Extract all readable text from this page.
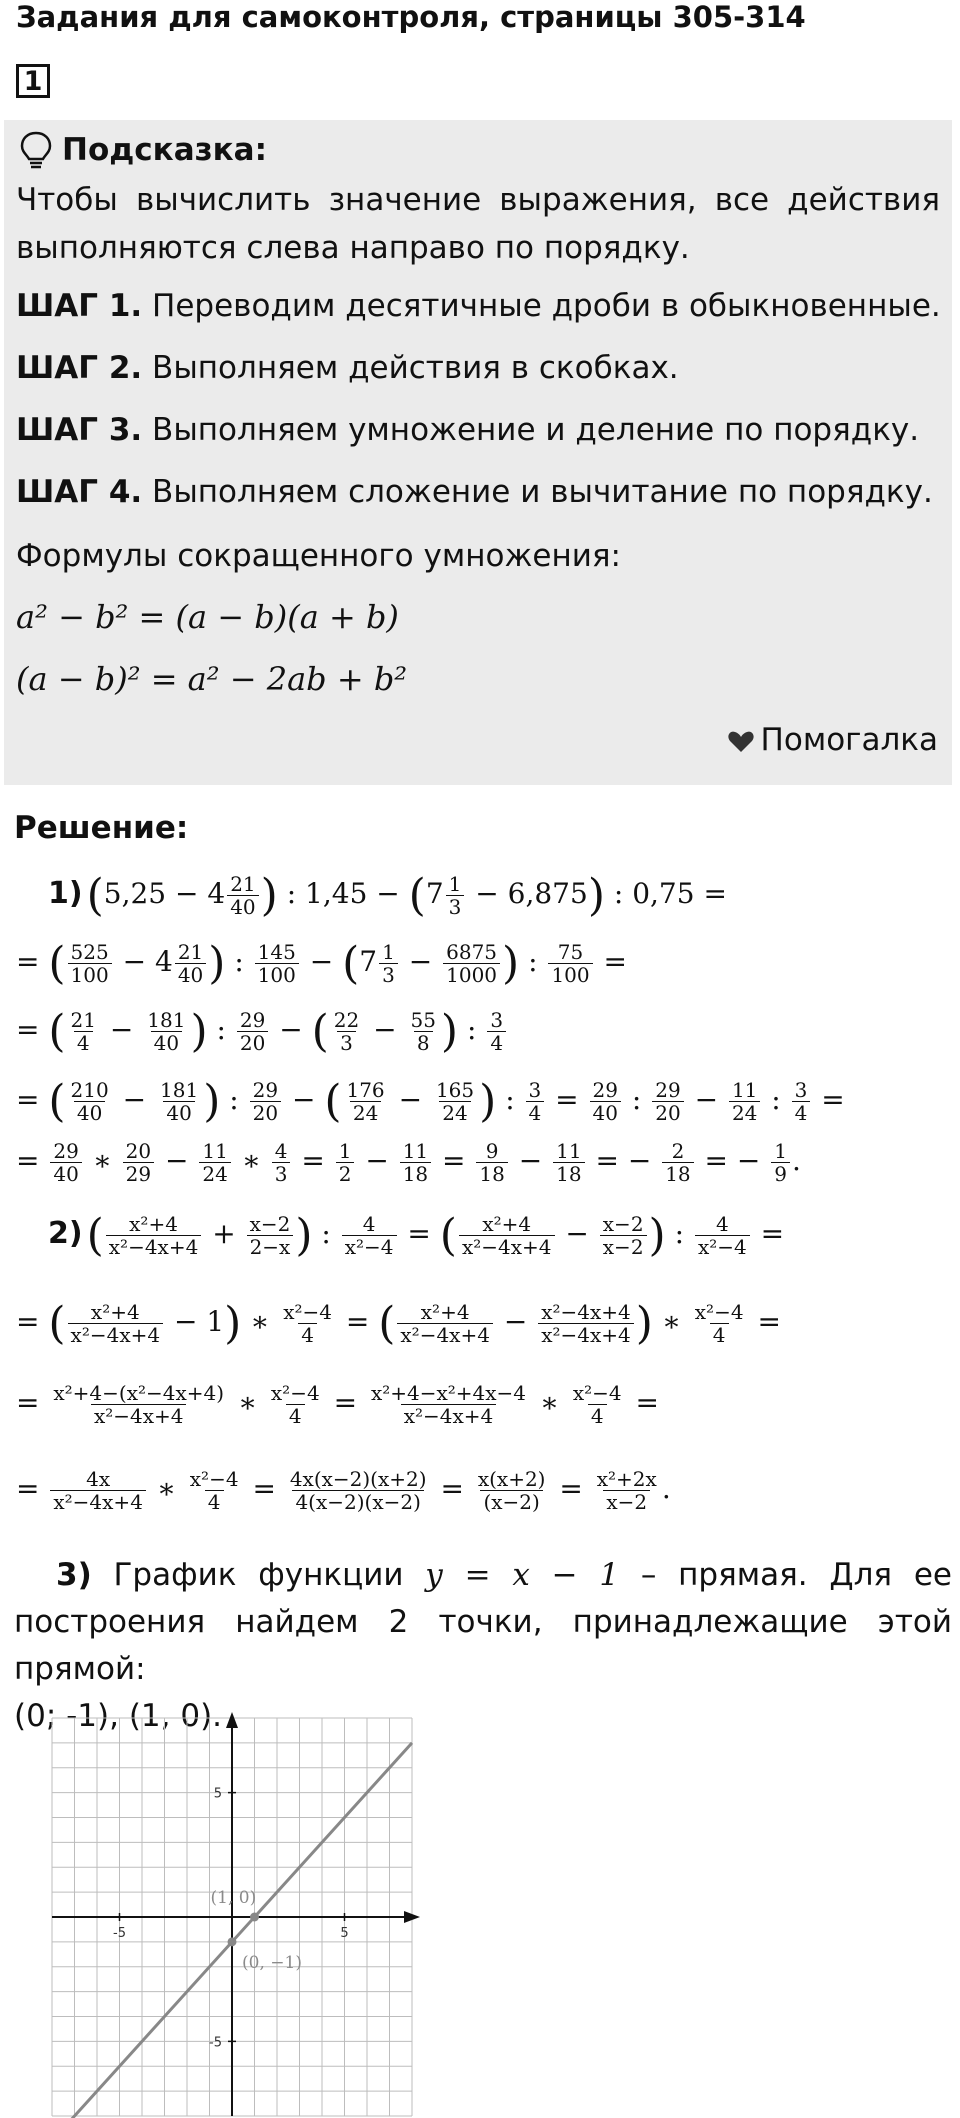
Задания для самоконтроля, страницы 305-314
1
Подсказка:
Чтобы вычислить значение выражения, все действия
выполняются слева направо по порядку.
ШАГ 1. Переводим десятичные дроби в обыкновенные.
ШАГ 2. Выполняем действия в скобках.
ШАГ 3. Выполняем умножение и деление по порядку.
ШАГ 4. Выполняем сложение и вычитание по порядку.
Формулы сокращенного умножения:
a² − b² = (a − b)(a + b)
(a − b)² = a² − 2ab + b²
Помогалка
Решение:
$1)(5,25 - 4 \frac{21}{40}$ ) : $1,45 - (7 \frac{1}{3} - 6,875)$ : 0,75 =
= ( $\frac{525}{100} - 4 \frac{21}{40}$ ) : $\frac{145}{100} - (7 \frac{1}{3} - \frac{6875}{1000}$ ) : $\frac{75}{100}$ =
= ( $\frac{21}{4} - \frac{181}{40}$ ) : $\frac{29}{20}$ − ( $\frac{22}{3} - \frac{55}{8}$ ) : $\frac{3}{4}$
= ( $\frac{210}{40} - \frac{181}{40}$ ) : $\frac{29}{20}$ − ( $\frac{176}{24} - \frac{165}{24}$ ) : $\frac{3}{4} = \frac{29}{40}$ : $\frac{29}{20} - \frac{11}{24}$ : $\frac{3}{4}$ =
= $\frac{29}{40}$ ∗ $\frac{20}{29} - \frac{11}{24}$ ∗ $\frac{4}{3} = \frac{1}{2} - \frac{11}{18} = \frac{9}{18} - \frac{11}{18}$ = − $\frac{2}{18}$ = − $\frac{1}{9}$ .
$2)( \frac{\text{x²+4}}{\text{x²−4x+4}} + \frac{x-2}{2-x}$ ) : $\frac{4}{\text{x²−4}}$ = ( $\frac{\text{x²+4}}{\text{x²−4x+4}} - \frac{x-2}{x-2}$ ) : $\frac{4}{\text{x²−4}}$ =
= ( $\frac{\text{x²+4}}{\text{x²−4x+4}} - 1$) ∗ $\frac{\text{x²−4}}{4}$ = ( $\frac{\text{x²+4}}{\text{x²−4x+4}} - \frac{\text{x²−4x+4}}{\text{x²−4x+4}}$ ) ∗ $\frac{\text{x²−4}}{4}$ =
= $\frac{\text{x²+4−(x²−4x+4)}}{\text{x²−4x+4}}$ ∗ $\frac{\text{x²−4}}{4} = \frac{\text{x²+4−x²+4x−4}}{\text{x²−4x+4}}$ ∗ $\frac{\text{x²−4}}{4}$ =
= $\frac{4x}{\text{x²−4x+4}}$ ∗ $\frac{\text{x²−4}}{4} = \frac{4x(x-2)(x+2)}{4(x-2)(x-2)} = \frac{x(x+2)}{(x-2)} = \frac{\text{x²+2x}}{x-2}$ .
3) График функции y = x − 1 – прямая. Для ее
построения найдем 2 точки, принадлежащие этой прямой:
(0; -1), (1, 0).
-5	5
5
-5
(1, 0)
(0, −1)
